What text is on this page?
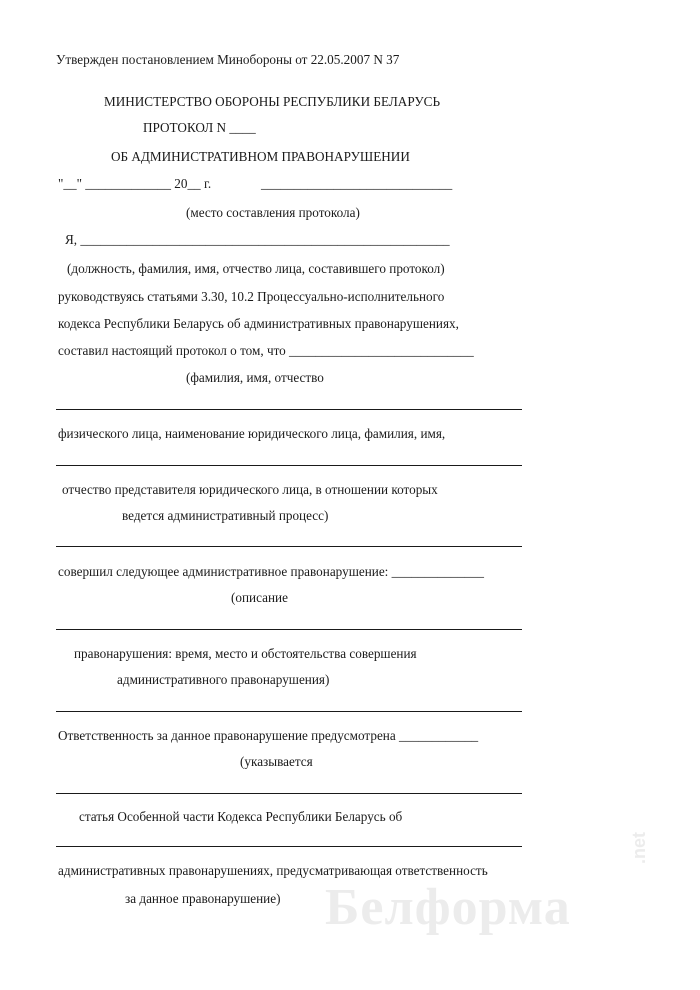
Утвержден постановлением Минобороны от 22.05.2007 N 37
МИНИСТЕРСТВО ОБОРОНЫ РЕСПУБЛИКИ БЕЛАРУСЬ
ПРОТОКОЛ N ____
ОБ АДМИНИСТРАТИВНОМ ПРАВОНАРУШЕНИИ
"__" _____________ 20__ г.	_____________________________
(место составления протокола)
Я, ________________________________________________________
(должность, фамилия, имя, отчество лица, составившего протокол)
руководствуясь статьями 3.30, 10.2 Процессуально-исполнительного
кодекса Республики Беларусь об административных правонарушениях,
составил настоящий протокол о том, что ____________________________
(фамилия, имя, отчество
физического лица, наименование юридического лица, фамилия, имя,
отчество представителя юридического лица, в отношении которых
ведется административный процесс)
совершил следующее административное правонарушение: ______________
(описание
правонарушения: время, место и обстоятельства совершения
административного правонарушения)
Ответственность за данное правонарушение предусмотрена ____________
(указывается
статья Особенной части Кодекса Республики Беларусь об
административных правонарушениях, предусматривающая ответственность
за данное правонарушение) Белформа
.net
